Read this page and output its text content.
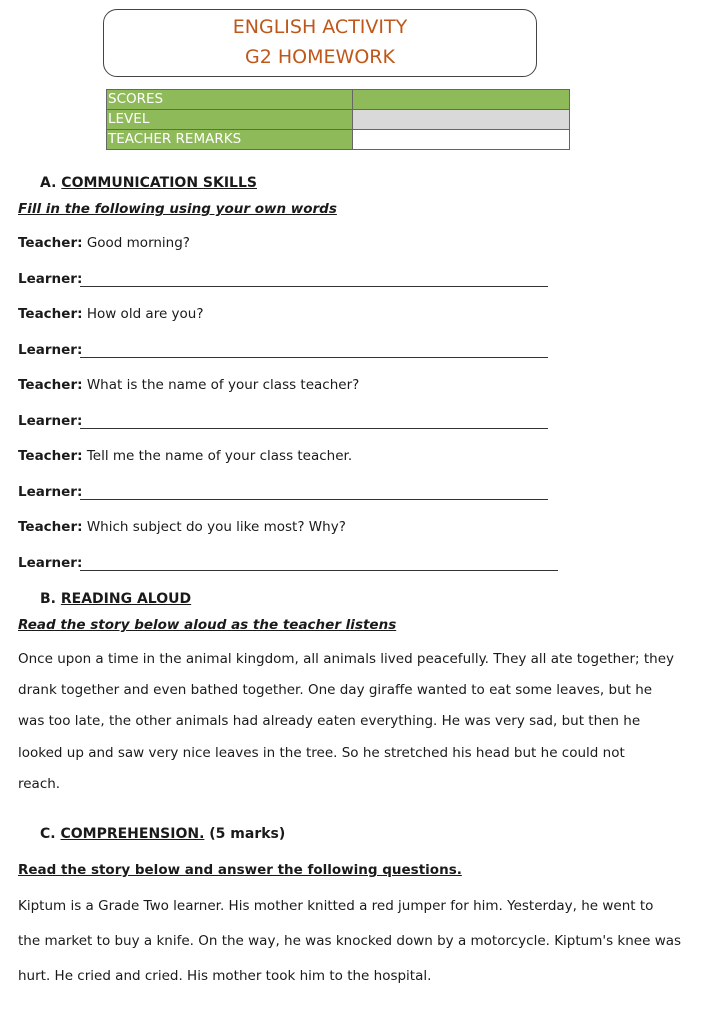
ENGLISH ACTIVITY
G2 HOMEWORK
SCORES	
LEVEL	
TEACHER REMARKS	
A. COMMUNICATION SKILLS
Fill in the following using your own words
Teacher: Good morning?
Learner:
Teacher: How old are you?
Learner:
Teacher: What is the name of your class teacher?
Learner:
Teacher: Tell me the name of your class teacher.
Learner:
Teacher: Which subject do you like most? Why?
Learner:
B. READING ALOUD
Read the story below aloud as the teacher listens
Once upon a time in the animal kingdom, all animals lived peacefully. They all ate together; they
drank together and even bathed together. One day giraffe wanted to eat some leaves, but he
was too late, the other animals had already eaten everything. He was very sad, but then he
looked up and saw very nice leaves in the tree. So he stretched his head but he could not
reach.
C. COMPREHENSION. (5 marks)
Read the story below and answer the following questions.
Kiptum is a Grade Two learner. His mother knitted a red jumper for him. Yesterday, he went to
the market to buy a knife. On the way, he was knocked down by a motorcycle. Kiptum's knee was
hurt. He cried and cried. His mother took him to the hospital.
